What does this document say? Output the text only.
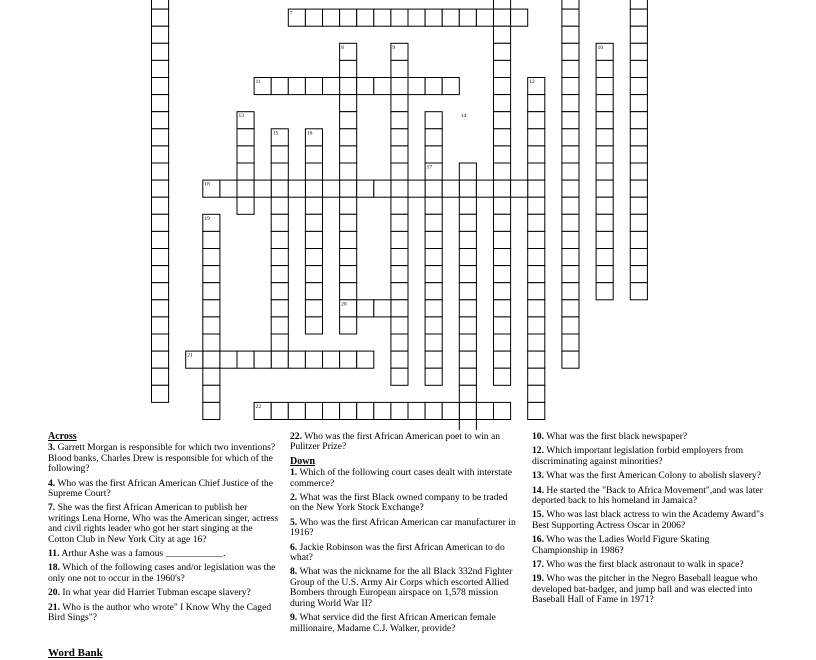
7
8	9	10
11	12
13	14
15	16
17
18
19
20
21
22

Across

3. Garrett Morgan is responsible for which two inventions? Blood banks, Charles Drew is responsible for which of the following?

4. Who was the first African American Chief Justice of the Supreme Court?

7. She was the first African American to publish her writings Lena Horne, Who was the American singer, actress and civil rights leader who got her start singing at the Cotton Club in New York City at age 16?

11. Arthur Ashe was a famous ____________.

18. Which of the following cases and/or legislation was the only one not to occur in the 1960's?

20. In what year did Harriet Tubman escape slavery?

21. Who is the author who wrote" I Know Why the Caged Bird Sings"?

22. Who was the first African American poet to win an Pulitzer Prize?

Down

1. Which of the following court cases dealt with interstate commerce?

2. What was the first Black owned company to be traded on the New York Stock Exchange?

5. Who was the first African American car manufacturer in 1916?

6. Jackie Robinson was the first African American to do what?

8. What was the nickname for the all Black 332nd Fighter Group of the U.S. Army Air Corps which escorted Allied Bombers through European airspace on 1,578 mission during World War II?

9. What service did the first African American female millionaire, Madame C.J. Walker, provide?

10. What was the first black newspaper?

12. Which important legislation forbid employers from discriminating against minorities?

13. What was the first American Colony to abolish slavery?

14. He started the "Back to Africa Movement",and was later deported back to his homeland in Jamaica?

15. Who was last black actress to win the Academy Award"s Best Supporting Actress Oscar in 2006?

16. Who was the Ladies World Figure Skating Championship in 1986?

17. Who was the first black astronaut to walk in space?

19. Who was the pitcher in the Negro Baseball league who developed bat-badger, and jump ball and was elected into Baseball Hall of Fame in 1971?

Word Bank
